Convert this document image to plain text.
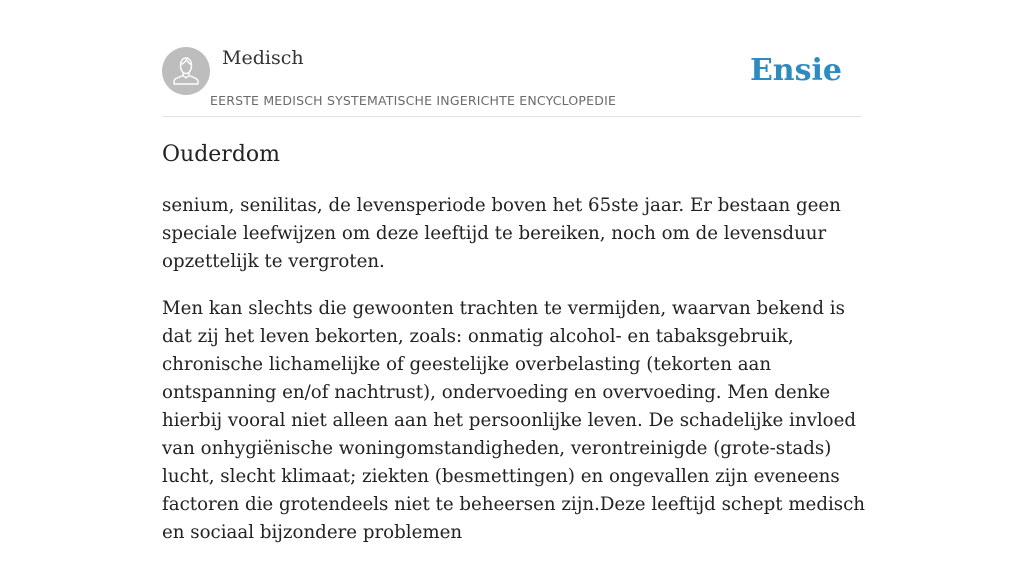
Medisch
EERSTE MEDISCH SYSTEMATISCHE INGERICHTE ENCYCLOPEDIE
Ensie
Ouderdom

senium, senilitas, de levensperiode boven het 65ste jaar. Er bestaan geen speciale leefwijzen om deze leeftijd te bereiken, noch om de levensduur opzettelijk te vergroten.

Men kan slechts die gewoonten trachten te vermijden, waarvan bekend is dat zij het leven bekorten, zoals: onmatig alcohol- en tabaksgebruik, chronische lichamelijke of geestelijke overbelasting (tekorten aan ontspanning en/of nachtrust), ondervoeding en overvoeding. Men denke hierbij vooral niet alleen aan het persoonlijke leven. De schadelijke invloed van onhygiënische woningomstandigheden, verontreinigde (grote-stads) lucht, slecht klimaat; ziekten (besmettingen) en ongevallen zijn eveneens factoren die grotendeels niet te beheersen zijn.Deze leeftijd schept medisch en sociaal bijzondere problemen
